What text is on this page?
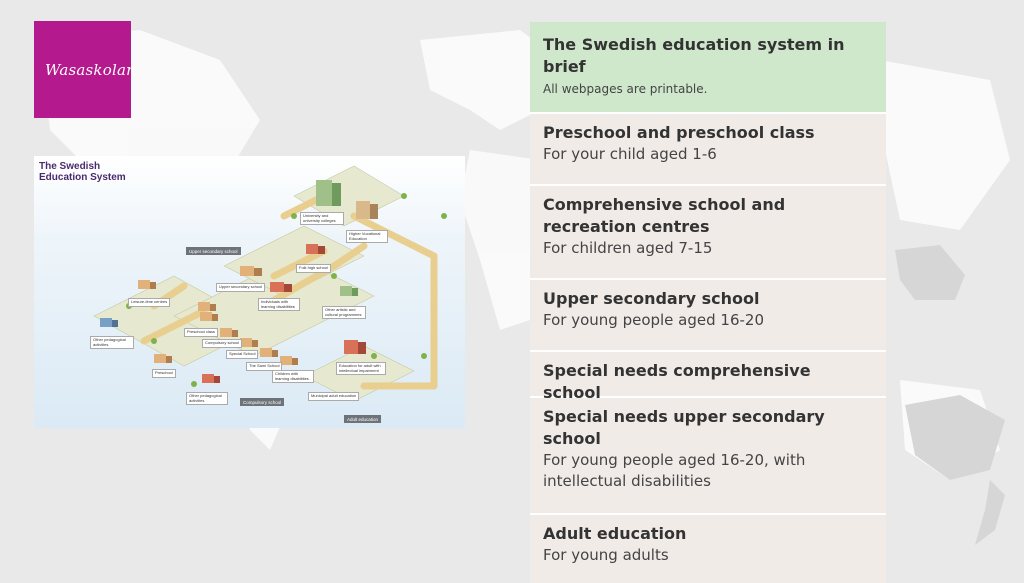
Wasaskolan
The Swedish
Education System
University and university colleges
Higher Vocational Education
Upper secondary school
Folk high school
Upper secondary school
Individuals with learning disabilities
Other artistic and cultural programmes
Leisure-time centres
Other pedagogical activities
Preschool class
Compulsory school
Special School
The Sami School
Children with learning disabilities
Education for adult with intellectual impairment
Municipal adult education
Preschool
Other pedagogical activities	Compulsory school
Adult education
The Swedish education system in brief
All webpages are printable.
Preschool and preschool class
For your child aged 1-6
Comprehensive school and recreation centres
For children aged 7-15
Upper secondary school
For young people aged 16-20
Special needs comprehensive school
Special needs upper secondary school
For young people aged 16-20, with intellectual disabilities
Adult education
For young adults
